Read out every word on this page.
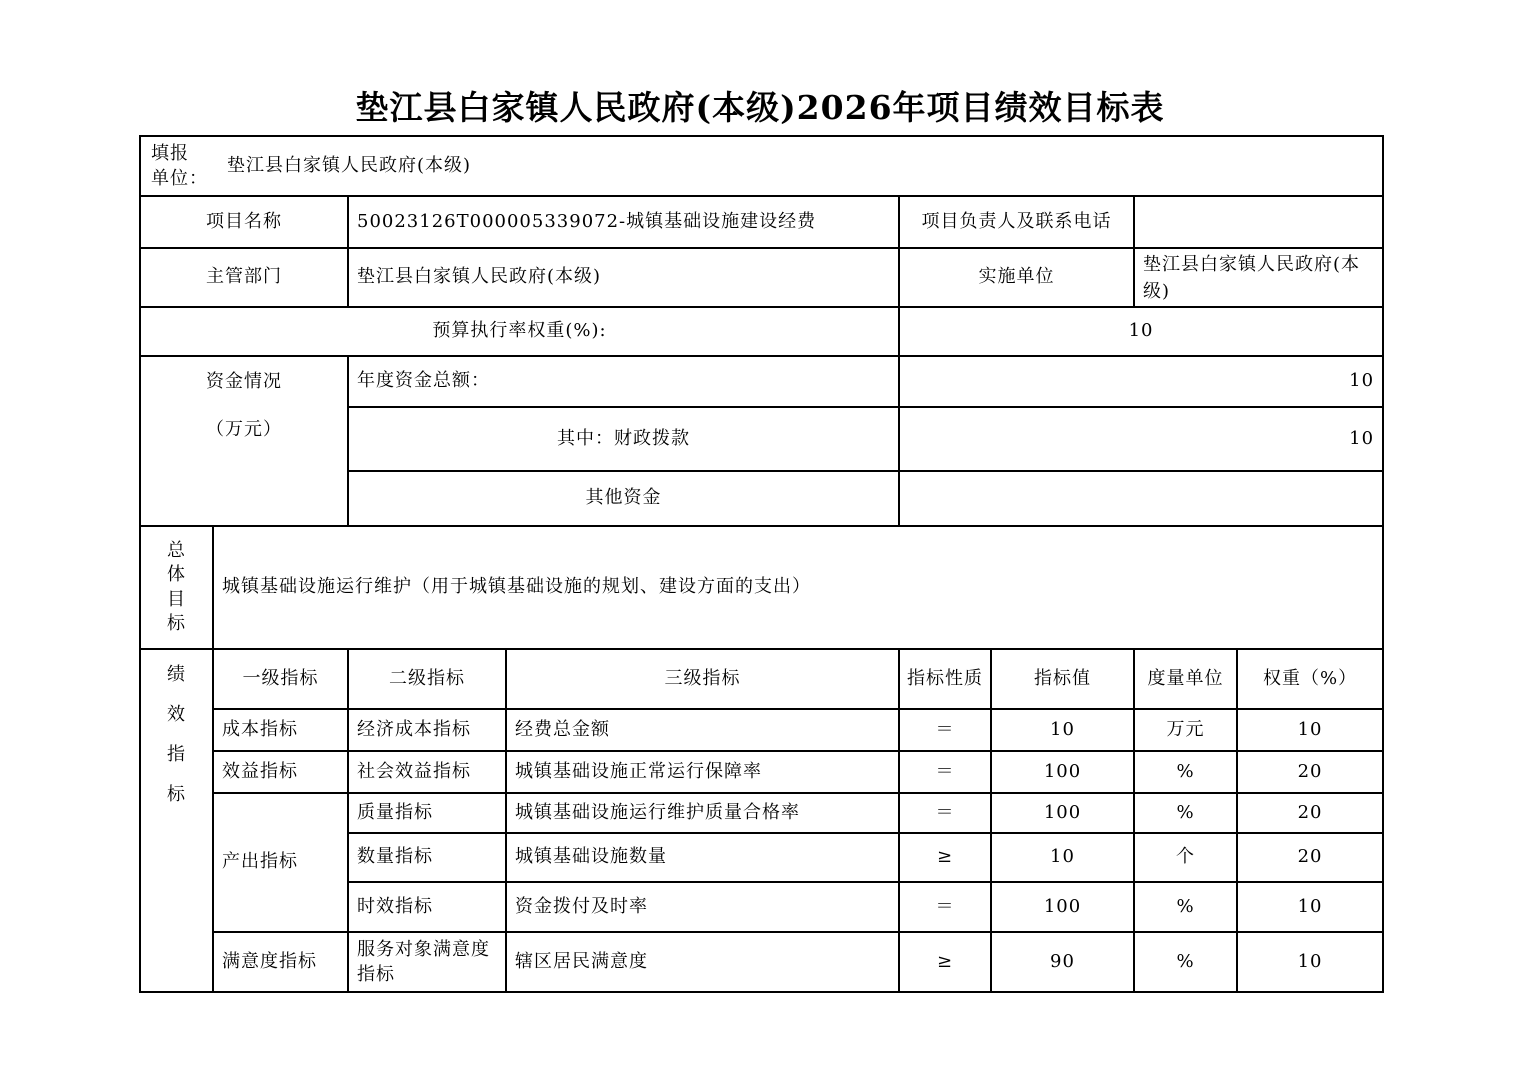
垫江县白家镇人民政府(本级)2026年项目绩效目标表
填报
单位：
垫江县白家镇人民政府(本级)							

项目名称		50023126T000005339072-城镇基础设施建设经费		项目负责人及联系电话			
主管部门		垫江县白家镇人民政府(本级)		实施单位		垫江县白家镇人民政府(本级)	
预算执行率权重(%):				10			

资金情况
（万元）		年度资金总额：		10			
		其中：财政拨款		10			
		其他资金					

总
体
目
标	城镇基础设施运行维护（用于城镇基础设施的规划、建设方面的支出）						

绩
效
指
标	一级指标	二级指标	三级指标	指标性质	指标值	度量单位	权重（%）
	成本指标	经济成本指标	经费总金额	＝	10	万元	10
	效益指标	社会效益指标	城镇基础设施正常运行保障率	＝	100	%	20
	产出指标	质量指标	城镇基础设施运行维护质量合格率	＝	100	%	20
		数量指标	城镇基础设施数量	≥	10	个	20
		时效指标	资金拨付及时率	＝	100	%	10
	满意度指标	服务对象满意度指标	辖区居民满意度	≥	90	%	10
